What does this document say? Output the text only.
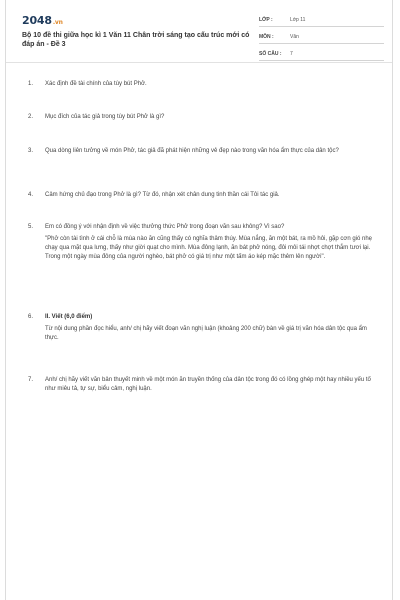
2048.vn
Bộ 10 đề thi giữa học kì 1 Văn 11 Chân trời sáng tạo cấu trúc mới có đáp án - Đề 3
LỚP :	Lớp 11
MÔN :	Văn
SỐ CÂU :	7
1. Xác định đề tài chính của tùy bút Phở.

2. Mục đích của tác giả trong tùy bút Phở là gì?

3. Qua dòng liên tưởng về món Phở, tác giả đã phát hiện những vẻ đẹp nào trong văn hóa ẩm thực của dân tộc?

4. Cảm hứng chủ đạo trong Phở là gì? Từ đó, nhận xét chân dung tinh thần cái Tôi tác giả.

5. Em có đồng ý với nhận định về việc thưởng thức Phở trong đoạn văn sau không? Vì sao?

"Phở còn tài tình ở cái chỗ là mùa nào ăn cũng thấy có nghĩa thâm thúy. Mùa nắng, ăn một bát, ra mồ hôi, gặp cơn gió nhẹ chạy qua mặt qua lưng, thấy như giời quạt cho mình. Mùa đông lạnh, ăn bát phở nóng, đôi môi tái nhợt chợt thắm tươi lại. Trong một ngày mùa đông của người nghèo, bát phở có giá trị như một tấm áo kép mặc thêm lên người".

6. II. Viết (6,0 điểm)

Từ nội dung phần đọc hiểu, anh/ chị hãy viết đoạn văn nghị luận (khoảng 200 chữ) bàn về giá trị văn hóa dân tộc qua ẩm thực.

7. Anh/ chị hãy viết văn bản thuyết minh về một món ăn truyền thống của dân tộc trong đó có lồng ghép một hay nhiều yếu tố như miêu tả, tự sự, biểu cảm, nghị luận.
